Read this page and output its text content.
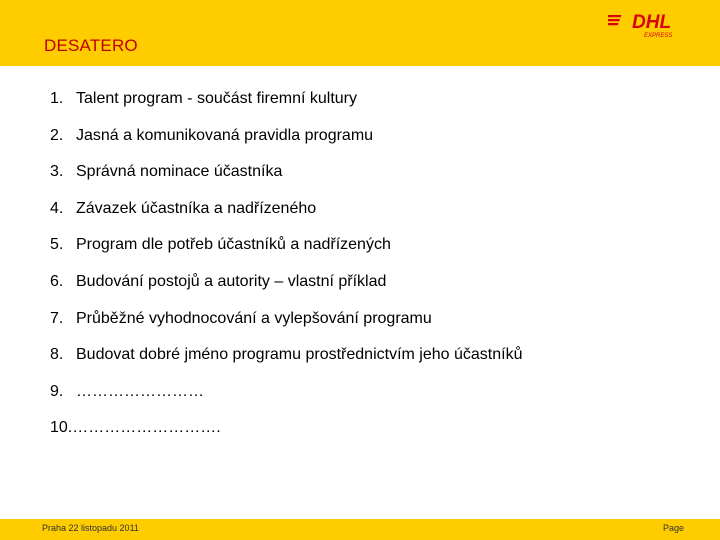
DESATERO
DHL
EXPRESS
1. Talent program - součást firemní kultury
2. Jasná a komunikovaná pravidla programu
3. Správná nominace účastníka
4. Závazek účastníka a nadřízeného
5. Program dle potřeb účastníků a nadřízených
6. Budování postojů a autority – vlastní příklad
7. Průběžné vyhodnocování a vylepšování programu
8. Budovat dobré jméno programu prostřednictvím jeho účastníků
9. ……………………
10.……………………….
Praha 22 listopadu 2011	Page
